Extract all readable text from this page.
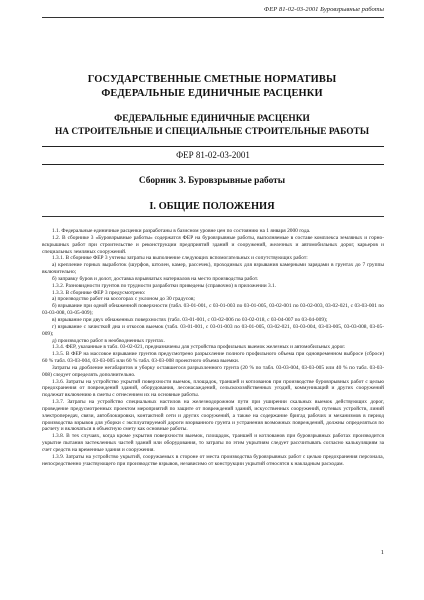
ФЕР 81-02-03-2001 Буровзрывные работы
ГОСУДАРСТВЕННЫЕ СМЕТНЫЕ НОРМАТИВЫ
ФЕДЕРАЛЬНЫЕ ЕДИНИЧНЫЕ РАСЦЕНКИ
ФЕДЕРАЛЬНЫЕ ЕДИНИЧНЫЕ РАСЦЕНКИ
НА СТРОИТЕЛЬНЫЕ И СПЕЦИАЛЬНЫЕ СТРОИТЕЛЬНЫЕ РАБОТЫ
ФЕР 81-02-03-2001
Сборник 3. Буровзрывные работы
I. ОБЩИЕ ПОЛОЖЕНИЯ

1.1. Федеральные единичные расценки разработаны в базисном уровне цен по состоянию на 1 января 2000 года.

1.2. В сборнике 3 «Буровзрывные работы» содержатся ФЕР на буровзрывные работы, выполняемые в составе комплекса земляных и горно-вскрышных работ при строительстве и реконструкции предприятий зданий и сооружений, железных и автомобильных дорог, карьеров и специальных земляных сооружений.

1.3.1. В сборнике ФЕР 3 учтены затраты на выполнение следующих вспомогательных и сопутствующих работ:

а) крепление горных выработок (шурфов, штолен, камер, рассечек), проходимых для взрывания камерными зарядами в грунтах до 7 группы включительно;

б) заправку буров и долот, доставка взрывчатых материалов на место производства работ.

1.3.2. Разновидности грунтов по трудности разработки приведены (справочно) в приложении 3.1.

1.3.3. В сборнике ФЕР 3 предусмотрено:

а) производство работ на косогорах с уклоном до 30 градусов;

б) взрывание при одной обнаженной поверхности (табл. 03-01-001, с 03-01-003 по 03-01-005, 03-02-001 по 03-02-003, 03-02-021, с 03-03-001 по 03-03-008, 03-05-009);

в) взрывание при двух обнаженных поверхностях (табл. 03-01-001, с 03-02-006 по 03-02-018, с 03-04-007 по 03-04-009);

г) взрывание с зачисткой дна и откосов выемок (табл. 03-01-001, с 03-01-003 по 03-01-005, 03-02-021, 03-03-004, 03-03-005, 03-03-008, 03-05-009);

д) производство работ в необводненных грунтах.

1.3.4. ФЕР, указанные в табл. 03-02-021, предназначены для устройства профильных выемок железных и автомобильных дорог.

1.3.5. В ФЕР на массовое взрывание грунтов предусмотрено разрыхление полного профильного объема при одновременном выбросе (сбросе) 60 % табл. 03-03-004, 03-03-005 или 60 % табл. 03-03-008 проектного объема выемки.

Затраты на дробление негабаритов и уборку оставшегося разрыхленного грунта (20 % по табл. 03-03-004, 03-03-005 или 40 % по табл. 03-03-008) следует определять дополнительно.

1.3.6. Затраты на устройство укрытий поверхности выемок, площадок, траншей и котлованов при производстве буровзрывных работ с целью предохранения от повреждений зданий, оборудования, лесонасаждений, сельскохозяйственных угодий, коммуникаций и других сооружений подлежат включению в сметы с отнесением их на основные работы.

1.3.7. Затраты на устройство специальных настилов на железнодорожном пути при уширении скальных выемок действующих дорог, проведение предусмотренных проектом мероприятий по защите от повреждений зданий, искусственных сооружений, путевых устройств, линий электропередач, связи, автоблокировки, контактной сети и других сооружений, а также на содержание бригад рабочих и механизмов в период производства взрывов для уборки с эксплуатируемой дороги взорванного грунта и устранения возможных повреждений, должны определяться по расчету и включаться в объектную смету как основные работы.

1.3.8. В тех случаях, когда кроме укрытия поверхности выемок, площадок, траншей и котлованов при буровзрывных работах производится укрытие пытания застекленных частей зданий или оборудования, то затраты по этим укрытиям следует рассчитывать согласно калькуляциям за счет средств на временные здания и сооружения.

1.3.9. Затраты на устройство укрытий, сооружаемых в стороне от места производства буровзрывных работ с целью предохранения персонала, непосредственно участвующего при производстве взрывов, независимо от конструкции укрытий относятся к накладным расходам.

1
